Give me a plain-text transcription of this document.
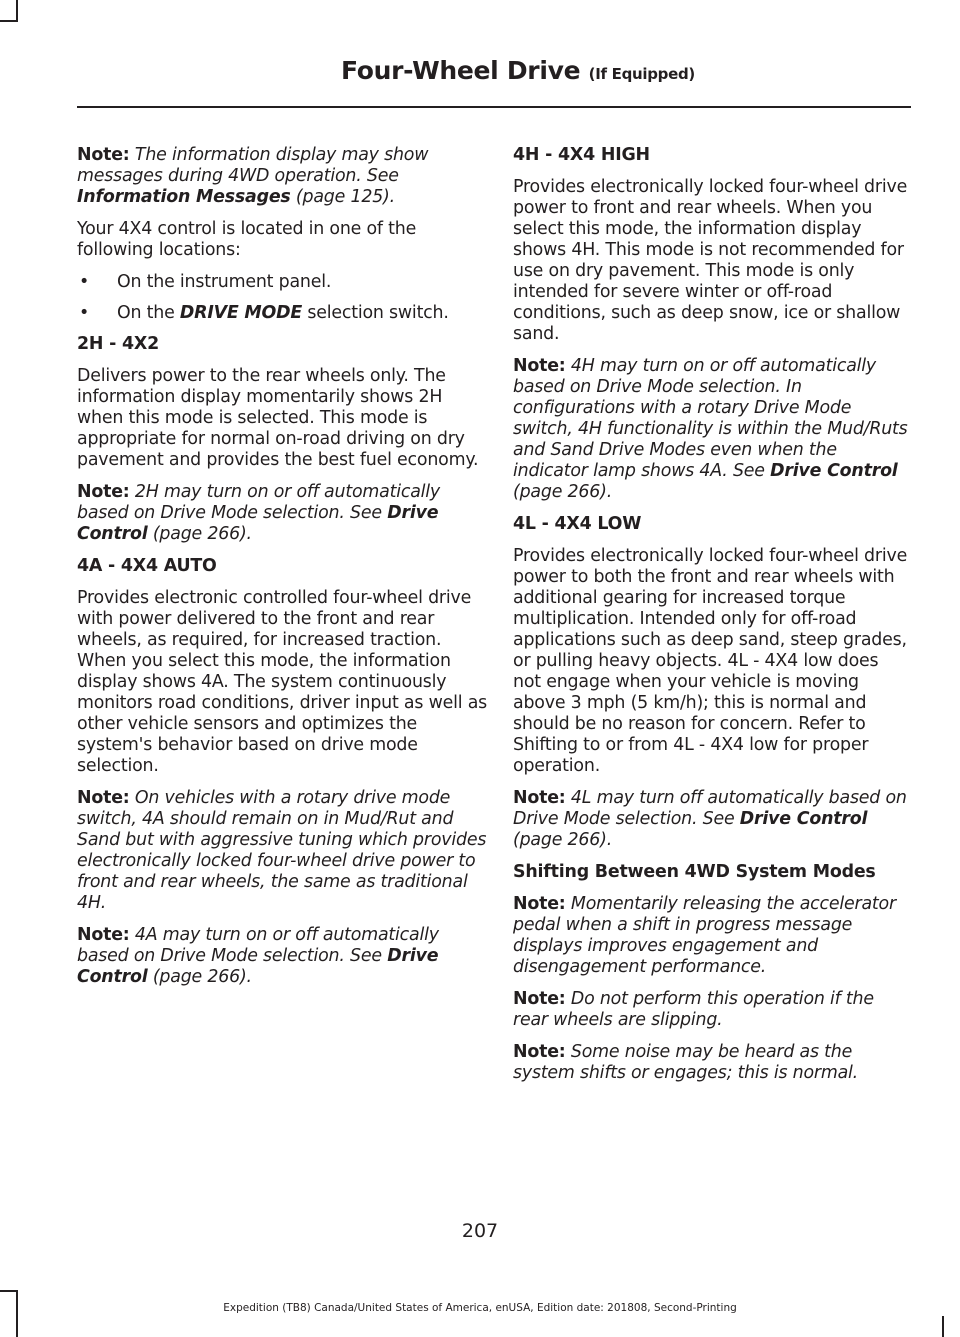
Four-Wheel Drive (If Equipped)

Note: The information display may show messages during 4WD operation. See Information Messages (page 125).

Your 4X4 control is located in one of the following locations:

•	On the instrument panel.
•	On the DRIVE MODE selection switch.
2H - 4X2

Delivers power to the rear wheels only. The information display momentarily shows 2H when this mode is selected. This mode is appropriate for normal on-road driving on dry pavement and provides the best fuel economy.

Note: 2H may turn on or off automatically based on Drive Mode selection. See Drive Control (page 266).

4A - 4X4 AUTO

Provides electronic controlled four-wheel drive with power delivered to the front and rear wheels, as required, for increased traction. When you select this mode, the information display shows 4A. The system continuously monitors road conditions, driver input as well as other vehicle sensors and optimizes the system's behavior based on drive mode selection.

Note: On vehicles with a rotary drive mode switch, 4A should remain on in Mud/Rut and Sand but with aggressive tuning which provides electronically locked four-wheel drive power to front and rear wheels, the same as traditional 4H.

Note: 4A may turn on or off automatically based on Drive Mode selection. See Drive Control (page 266).

4H - 4X4 HIGH

Provides electronically locked four-wheel drive power to front and rear wheels. When you select this mode, the information display shows 4H. This mode is not recommended for use on dry pavement. This mode is only intended for severe winter or off-road conditions, such as deep snow, ice or shallow sand.

Note: 4H may turn on or off automatically based on Drive Mode selection. In configurations with a rotary Drive Mode switch, 4H functionality is within the Mud/Ruts and Sand Drive Modes even when the indicator lamp shows 4A. See Drive Control (page 266).

4L - 4X4 LOW

Provides electronically locked four-wheel drive power to both the front and rear wheels with additional gearing for increased torque multiplication. Intended only for off-road applications such as deep sand, steep grades, or pulling heavy objects. 4L - 4X4 low does not engage when your vehicle is moving above 3 mph (5 km/h); this is normal and should be no reason for concern. Refer to Shifting to or from 4L - 4X4 low for proper operation.

Note: 4L may turn off automatically based on Drive Mode selection. See Drive Control (page 266).

Shifting Between 4WD System Modes

Note: Momentarily releasing the accelerator pedal when a shift in progress message displays improves engagement and disengagement performance.

Note: Do not perform this operation if the rear wheels are slipping.

Note: Some noise may be heard as the system shifts or engages; this is normal.

207
Expedition (TB8) Canada/United States of America, enUSA, Edition date: 201808, Second-Printing
